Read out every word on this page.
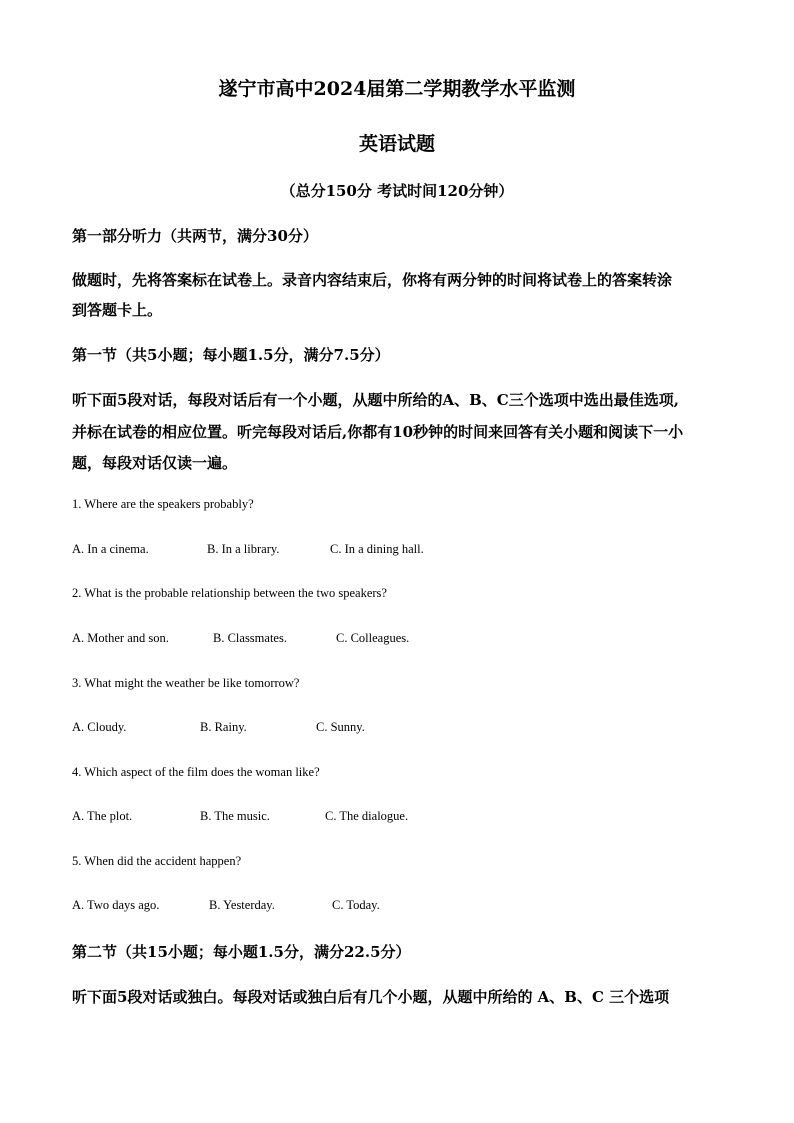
遂宁市高中2024届第二学期教学水平监测
英语试题
（总分150分 考试时间120分钟）
第一部分听力（共两节，满分30分）
做题时，先将答案标在试卷上。录音内容结束后，你将有两分钟的时间将试卷上的答案转涂
到答题卡上。
第一节（共5小题；每小题1.5分，满分7.5分）
听下面5段对话，每段对话后有一个小题，从题中所给的A、B、C三个选项中选出最佳选项,
并标在试卷的相应位置。听完每段对话后,你都有10秒钟的时间来回答有关小题和阅读下一小
题，每段对话仅读一遍。
1. Where are the speakers probably?
A. In a cinema.	B. In a library.	C. In a dining hall.
2. What is the probable relationship between the two speakers?
A. Mother and son.	B. Classmates.	C. Colleagues.
3. What might the weather be like tomorrow?
A. Cloudy.	B. Rainy.	C. Sunny.
4. Which aspect of the film does the woman like?
A. The plot.	B. The music.	C. The dialogue.
5. When did the accident happen?
A. Two days ago.	B. Yesterday.	C. Today.
第二节（共15小题；每小题1.5分，满分22.5分）
听下面5段对话或独白。每段对话或独白后有几个小题，从题中所给的 A、B、C 三个选项
